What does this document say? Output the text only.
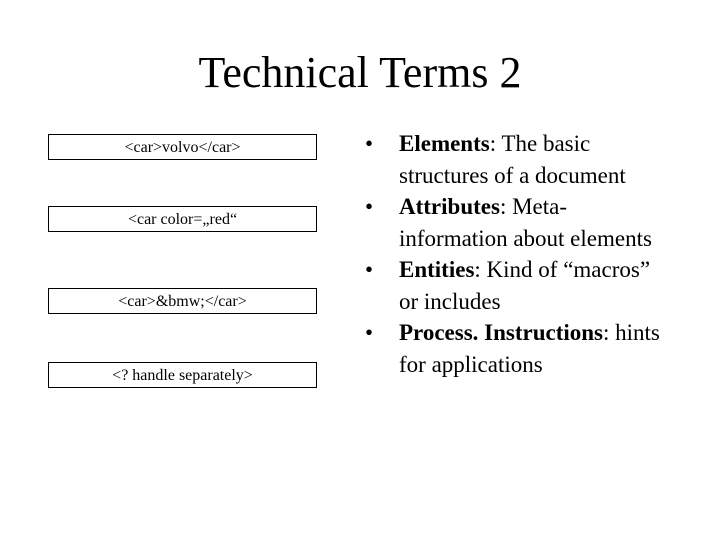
Technical Terms 2
<car>volvo</car>
<car color=„red“
<car>&bmw;</car>
<? handle separately>
•	Elements: The basic structures of a document
•	Attributes: Meta-information about elements
•	Entities: Kind of “macros” or includes
•	Process. Instructions: hints for applications
